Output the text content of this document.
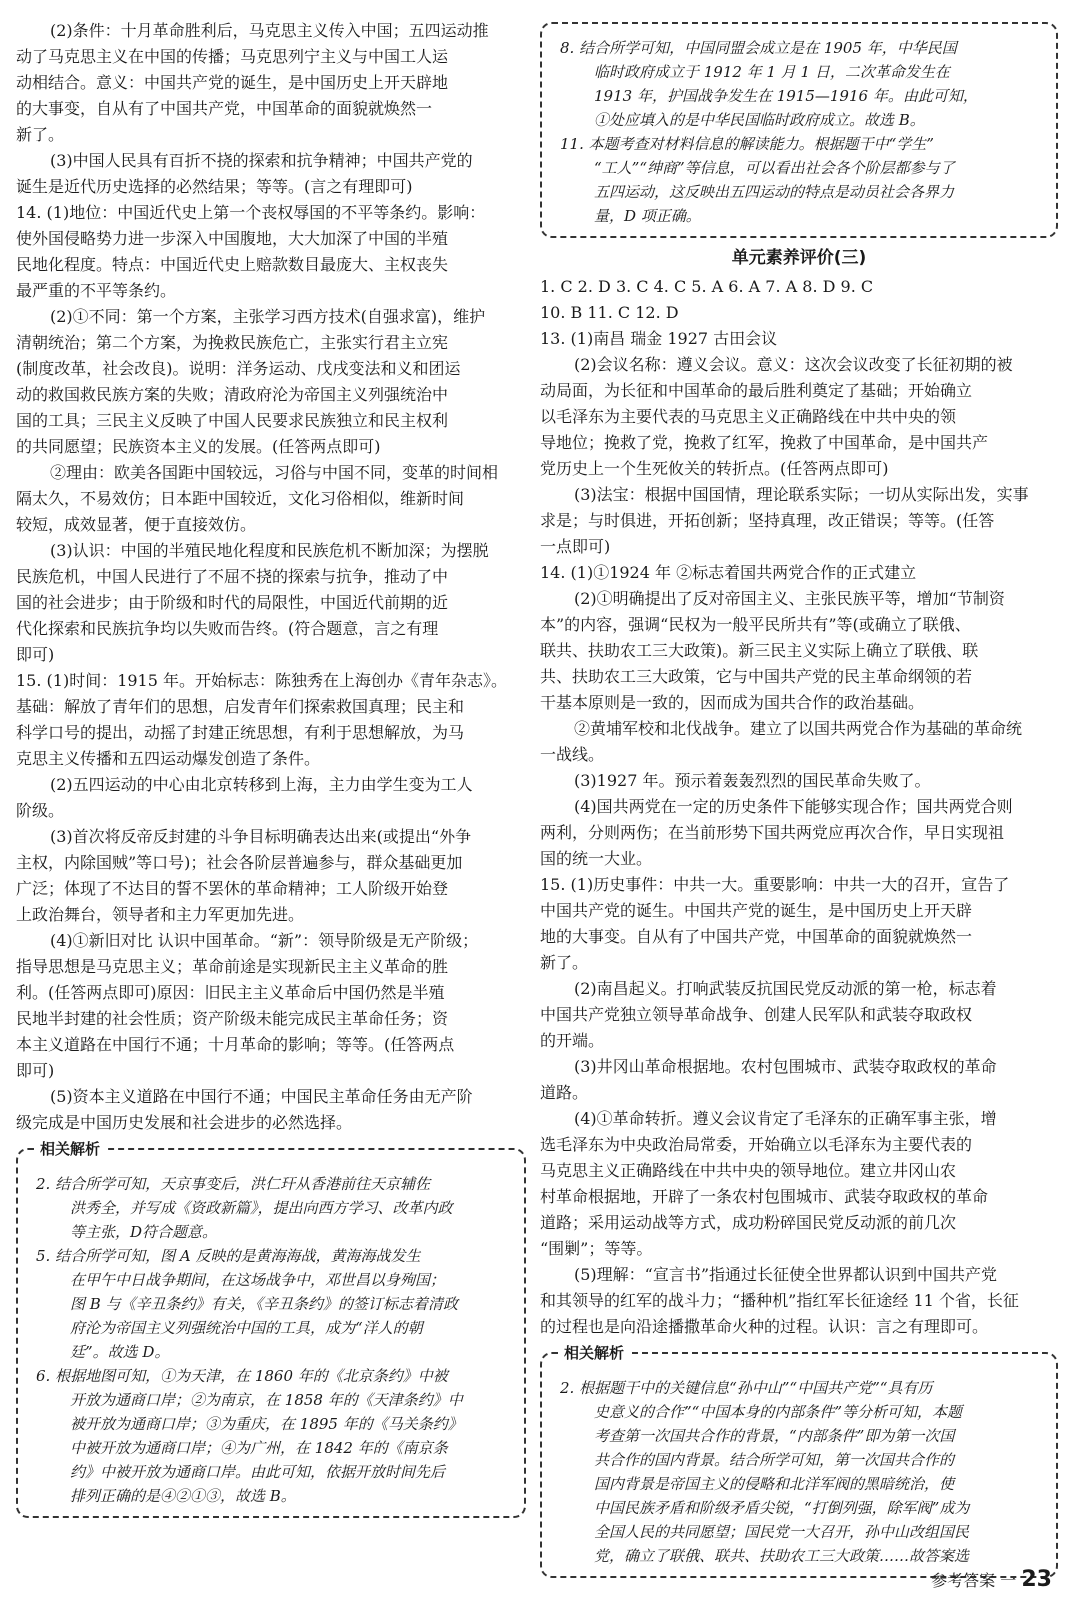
(2)条件：十月革命胜利后，马克思主义传入中国；五四运动推
动了马克思主义在中国的传播；马克思列宁主义与中国工人运
动相结合。意义：中国共产党的诞生，是中国历史上开天辟地
的大事变，自从有了中国共产党，中国革命的面貌就焕然一
新了。
(3)中国人民具有百折不挠的探索和抗争精神；中国共产党的
诞生是近代历史选择的必然结果；等等。(言之有理即可)
14. (1)地位：中国近代史上第一个丧权辱国的不平等条约。影响：
使外国侵略势力进一步深入中国腹地，大大加深了中国的半殖
民地化程度。特点：中国近代史上赔款数目最庞大、主权丧失
最严重的不平等条约。
(2)①不同：第一个方案，主张学习西方技术(自强求富)，维护
清朝统治；第二个方案，为挽救民族危亡，主张实行君主立宪
(制度改革，社会改良)。说明：洋务运动、戊戌变法和义和团运
动的救国救民族方案的失败；清政府沦为帝国主义列强统治中
国的工具；三民主义反映了中国人民要求民族独立和民主权利
的共同愿望；民族资本主义的发展。(任答两点即可)
②理由：欧美各国距中国较远，习俗与中国不同，变革的时间相
隔太久，不易效仿；日本距中国较近，文化习俗相似，维新时间
较短，成效显著，便于直接效仿。
(3)认识：中国的半殖民地化程度和民族危机不断加深；为摆脱
民族危机，中国人民进行了不屈不挠的探索与抗争，推动了中
国的社会进步；由于阶级和时代的局限性，中国近代前期的近
代化探索和民族抗争均以失败而告终。(符合题意，言之有理
即可)
15. (1)时间：1915 年。开始标志：陈独秀在上海创办《青年杂志》。
基础：解放了青年们的思想，启发青年们探索救国真理；民主和
科学口号的提出，动摇了封建正统思想，有利于思想解放，为马
克思主义传播和五四运动爆发创造了条件。
(2)五四运动的中心由北京转移到上海，主力由学生变为工人
阶级。
(3)首次将反帝反封建的斗争目标明确表达出来(或提出“外争
主权，内除国贼”等口号)；社会各阶层普遍参与，群众基础更加
广泛；体现了不达目的誓不罢休的革命精神；工人阶级开始登
上政治舞台，领导者和主力军更加先进。
(4)①新旧对比 认识中国革命。“新”：领导阶级是无产阶级；
指导思想是马克思主义；革命前途是实现新民主主义革命的胜
利。(任答两点即可)原因：旧民主主义革命后中国仍然是半殖
民地半封建的社会性质；资产阶级未能完成民主革命任务；资
本主义道路在中国行不通；十月革命的影响；等等。(任答两点
即可)
(5)资本主义道路在中国行不通；中国民主革命任务由无产阶
级完成是中国历史发展和社会进步的必然选择。
相关解析
2. 结合所学可知，天京事变后，洪仁玕从香港前往天京辅佐
洪秀全，并写成《资政新篇》，提出向西方学习、改革内政
等主张，D符合题意。
5. 结合所学可知，图 A 反映的是黄海海战，黄海海战发生
在甲午中日战争期间，在这场战争中，邓世昌以身殉国；
图 B 与《辛丑条约》有关，《辛丑条约》的签订标志着清政
府沦为帝国主义列强统治中国的工具，成为“洋人的朝
廷”。故选 D。
6. 根据地图可知，①为天津，在 1860 年的《北京条约》中被
开放为通商口岸；②为南京，在 1858 年的《天津条约》中
被开放为通商口岸；③为重庆，在 1895 年的《马关条约》
中被开放为通商口岸；④为广州，在 1842 年的《南京条
约》中被开放为通商口岸。由此可知，依据开放时间先后
排列正确的是④②①③，故选 B。
8. 结合所学可知，中国同盟会成立是在 1905 年，中华民国
临时政府成立于 1912 年 1 月 1 日，二次革命发生在
1913 年，护国战争发生在 1915—1916 年。由此可知，
①处应填入的是中华民国临时政府成立。故选 B。
11. 本题考查对材料信息的解读能力。根据题干中“学生”
“工人”“绅商”等信息，可以看出社会各个阶层都参与了
五四运动，这反映出五四运动的特点是动员社会各界力
量，D 项正确。
单元素养评价(三)
1. C 2. D 3. C 4. C 5. A 6. A 7. A 8. D 9. C
10. B 11. C 12. D
13. (1)南昌 瑞金 1927 古田会议
(2)会议名称：遵义会议。意义：这次会议改变了长征初期的被
动局面，为长征和中国革命的最后胜利奠定了基础；开始确立
以毛泽东为主要代表的马克思主义正确路线在中共中央的领
导地位；挽救了党，挽救了红军，挽救了中国革命，是中国共产
党历史上一个生死攸关的转折点。(任答两点即可)
(3)法宝：根据中国国情，理论联系实际；一切从实际出发，实事
求是；与时俱进，开拓创新；坚持真理，改正错误；等等。(任答
一点即可)
14. (1)①1924 年 ②标志着国共两党合作的正式建立
(2)①明确提出了反对帝国主义、主张民族平等，增加“节制资
本”的内容，强调“民权为一般平民所共有”等(或确立了联俄、
联共、扶助农工三大政策)。新三民主义实际上确立了联俄、联
共、扶助农工三大政策，它与中国共产党的民主革命纲领的若
干基本原则是一致的，因而成为国共合作的政治基础。
②黄埔军校和北伐战争。建立了以国共两党合作为基础的革命统
一战线。
(3)1927 年。预示着轰轰烈烈的国民革命失败了。
(4)国共两党在一定的历史条件下能够实现合作；国共两党合则
两利，分则两伤；在当前形势下国共两党应再次合作，早日实现祖
国的统一大业。
15. (1)历史事件：中共一大。重要影响：中共一大的召开，宣告了
中国共产党的诞生。中国共产党的诞生，是中国历史上开天辟
地的大事变。自从有了中国共产党，中国革命的面貌就焕然一
新了。
(2)南昌起义。打响武装反抗国民党反动派的第一枪，标志着
中国共产党独立领导革命战争、创建人民军队和武装夺取政权
的开端。
(3)井冈山革命根据地。农村包围城市、武装夺取政权的革命
道路。
(4)①革命转折。遵义会议肯定了毛泽东的正确军事主张，增
选毛泽东为中央政治局常委，开始确立以毛泽东为主要代表的
马克思主义正确路线在中共中央的领导地位。建立井冈山农
村革命根据地，开辟了一条农村包围城市、武装夺取政权的革命
道路；采用运动战等方式，成功粉碎国民党反动派的前几次
“围剿”；等等。
(5)理解：“宣言书”指通过长征使全世界都认识到中国共产党
和其领导的红军的战斗力；“播种机”指红军长征途经 11 个省，长征
的过程也是向沿途播撒革命火种的过程。认识：言之有理即可。
相关解析
2. 根据题干中的关键信息“孙中山”“中国共产党”“具有历
史意义的合作”“中国本身的内部条件”等分析可知，本题
考查第一次国共合作的背景，“内部条件”即为第一次国
共合作的国内背景。结合所学可知，第一次国共合作的
国内背景是帝国主义的侵略和北洋军阀的黑暗统治，使
中国民族矛盾和阶级矛盾尖锐，“打倒列强，除军阀”成为
全国人民的共同愿望；国民党一大召开，孙中山改组国民
党，确立了联俄、联共、扶助农工三大政策……故答案选
参考答案 一 23
